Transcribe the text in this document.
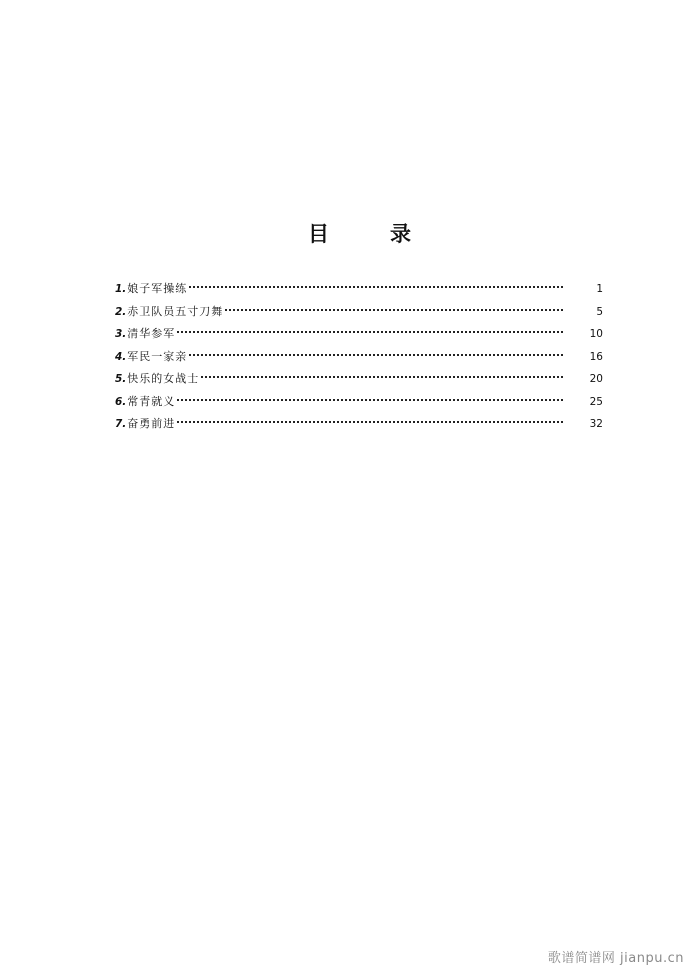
目	录
1. 娘子军操练	1
2. 赤卫队员五寸刀舞	5
3. 清华参军	10
4. 军民一家亲	16
5. 快乐的女战士	20
6. 常青就义	25
7. 奋勇前进	32
歌谱简谱网 jianpu.cn
